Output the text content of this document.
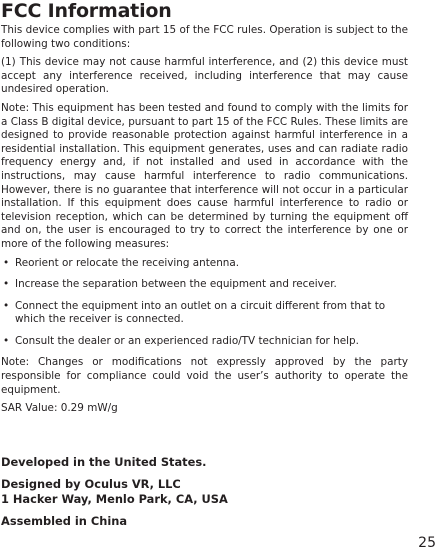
FCC Information

This device complies with part 15 of the FCC rules. Operation is subject to the following two conditions:

(1) This device may not cause harmful interference, and (2) this device must accept any interference received, including interference that may cause undesired operation.

Note: This equipment has been tested and found to comply with the limits for a Class B digital device, pursuant to part 15 of the FCC Rules. These limits are designed to provide reasonable protection against harmful interference in a residential installation. This equipment generates, uses and can radiate radio frequency energy and, if not installed and used in accordance with the instructions, may cause harmful interference to radio communications. However, there is no guarantee that interference will not occur in a particular installation. If this equipment does cause harmful interference to radio or television reception, which can be determined by turning the equipment off and on, the user is encouraged to try to correct the interference by one or more of the following measures:

• Reorient or relocate the receiving antenna.
• Increase the separation between the equipment and receiver.
• Connect the equipment into an outlet on a circuit different from that to which the receiver is connected.
• Consult the dealer or an experienced radio/TV technician for help.

Note: Changes or modifications not expressly approved by the party responsible for compliance could void the user’s authority to operate the equipment.

SAR Value: 0.29 mW/g

Developed in the United States.

Designed by Oculus VR, LLC

1 Hacker Way, Menlo Park, CA, USA

Assembled in China

25
